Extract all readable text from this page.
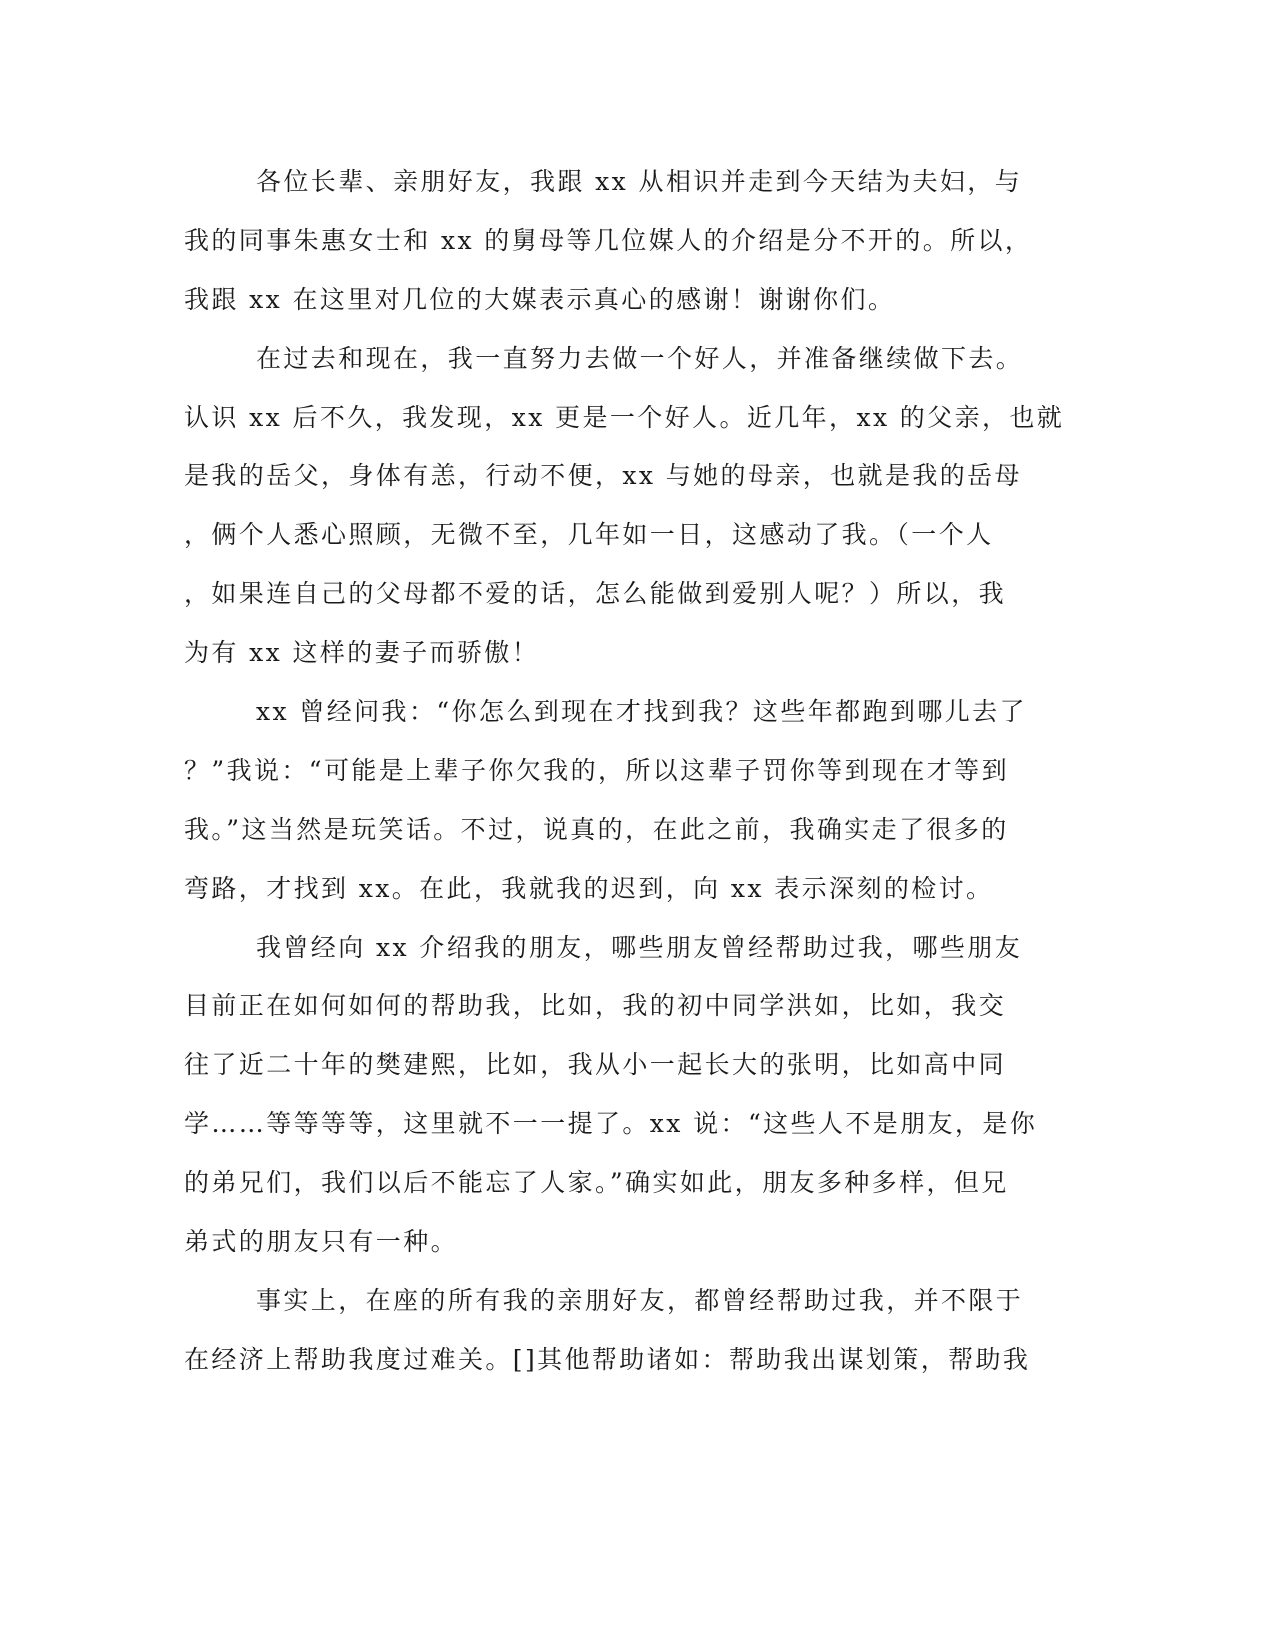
各位长辈、亲朋好友，我跟 xx 从相识并走到今天结为夫妇，与
我的同事朱惠女士和 xx 的舅母等几位媒人的介绍是分不开的。所以，
我跟 xx 在这里对几位的大媒表示真心的感谢！谢谢你们。
在过去和现在，我一直努力去做一个好人，并准备继续做下去。
认识 xx 后不久，我发现，xx 更是一个好人。近几年，xx 的父亲，也就
是我的岳父，身体有恙，行动不便，xx 与她的母亲，也就是我的岳母
，俩个人悉心照顾，无微不至，几年如一日，这感动了我。（一个人
，如果连自己的父母都不爱的话，怎么能做到爱别人呢？）所以，我
为有 xx 这样的妻子而骄傲！
xx 曾经问我：“你怎么到现在才找到我？这些年都跑到哪儿去了
？”我说：“可能是上辈子你欠我的，所以这辈子罚你等到现在才等到
我。”这当然是玩笑话。不过，说真的，在此之前，我确实走了很多的
弯路，才找到 xx。在此，我就我的迟到，向 xx 表示深刻的检讨。
我曾经向 xx 介绍我的朋友，哪些朋友曾经帮助过我，哪些朋友
目前正在如何如何的帮助我，比如，我的初中同学洪如，比如，我交
往了近二十年的樊建熙，比如，我从小一起长大的张明，比如高中同
学……等等等等，这里就不一一提了。xx 说：“这些人不是朋友，是你
的弟兄们，我们以后不能忘了人家。”确实如此，朋友多种多样，但兄
弟式的朋友只有一种。
事实上，在座的所有我的亲朋好友，都曾经帮助过我，并不限于
在经济上帮助我度过难关。[]其他帮助诸如：帮助我出谋划策，帮助我
